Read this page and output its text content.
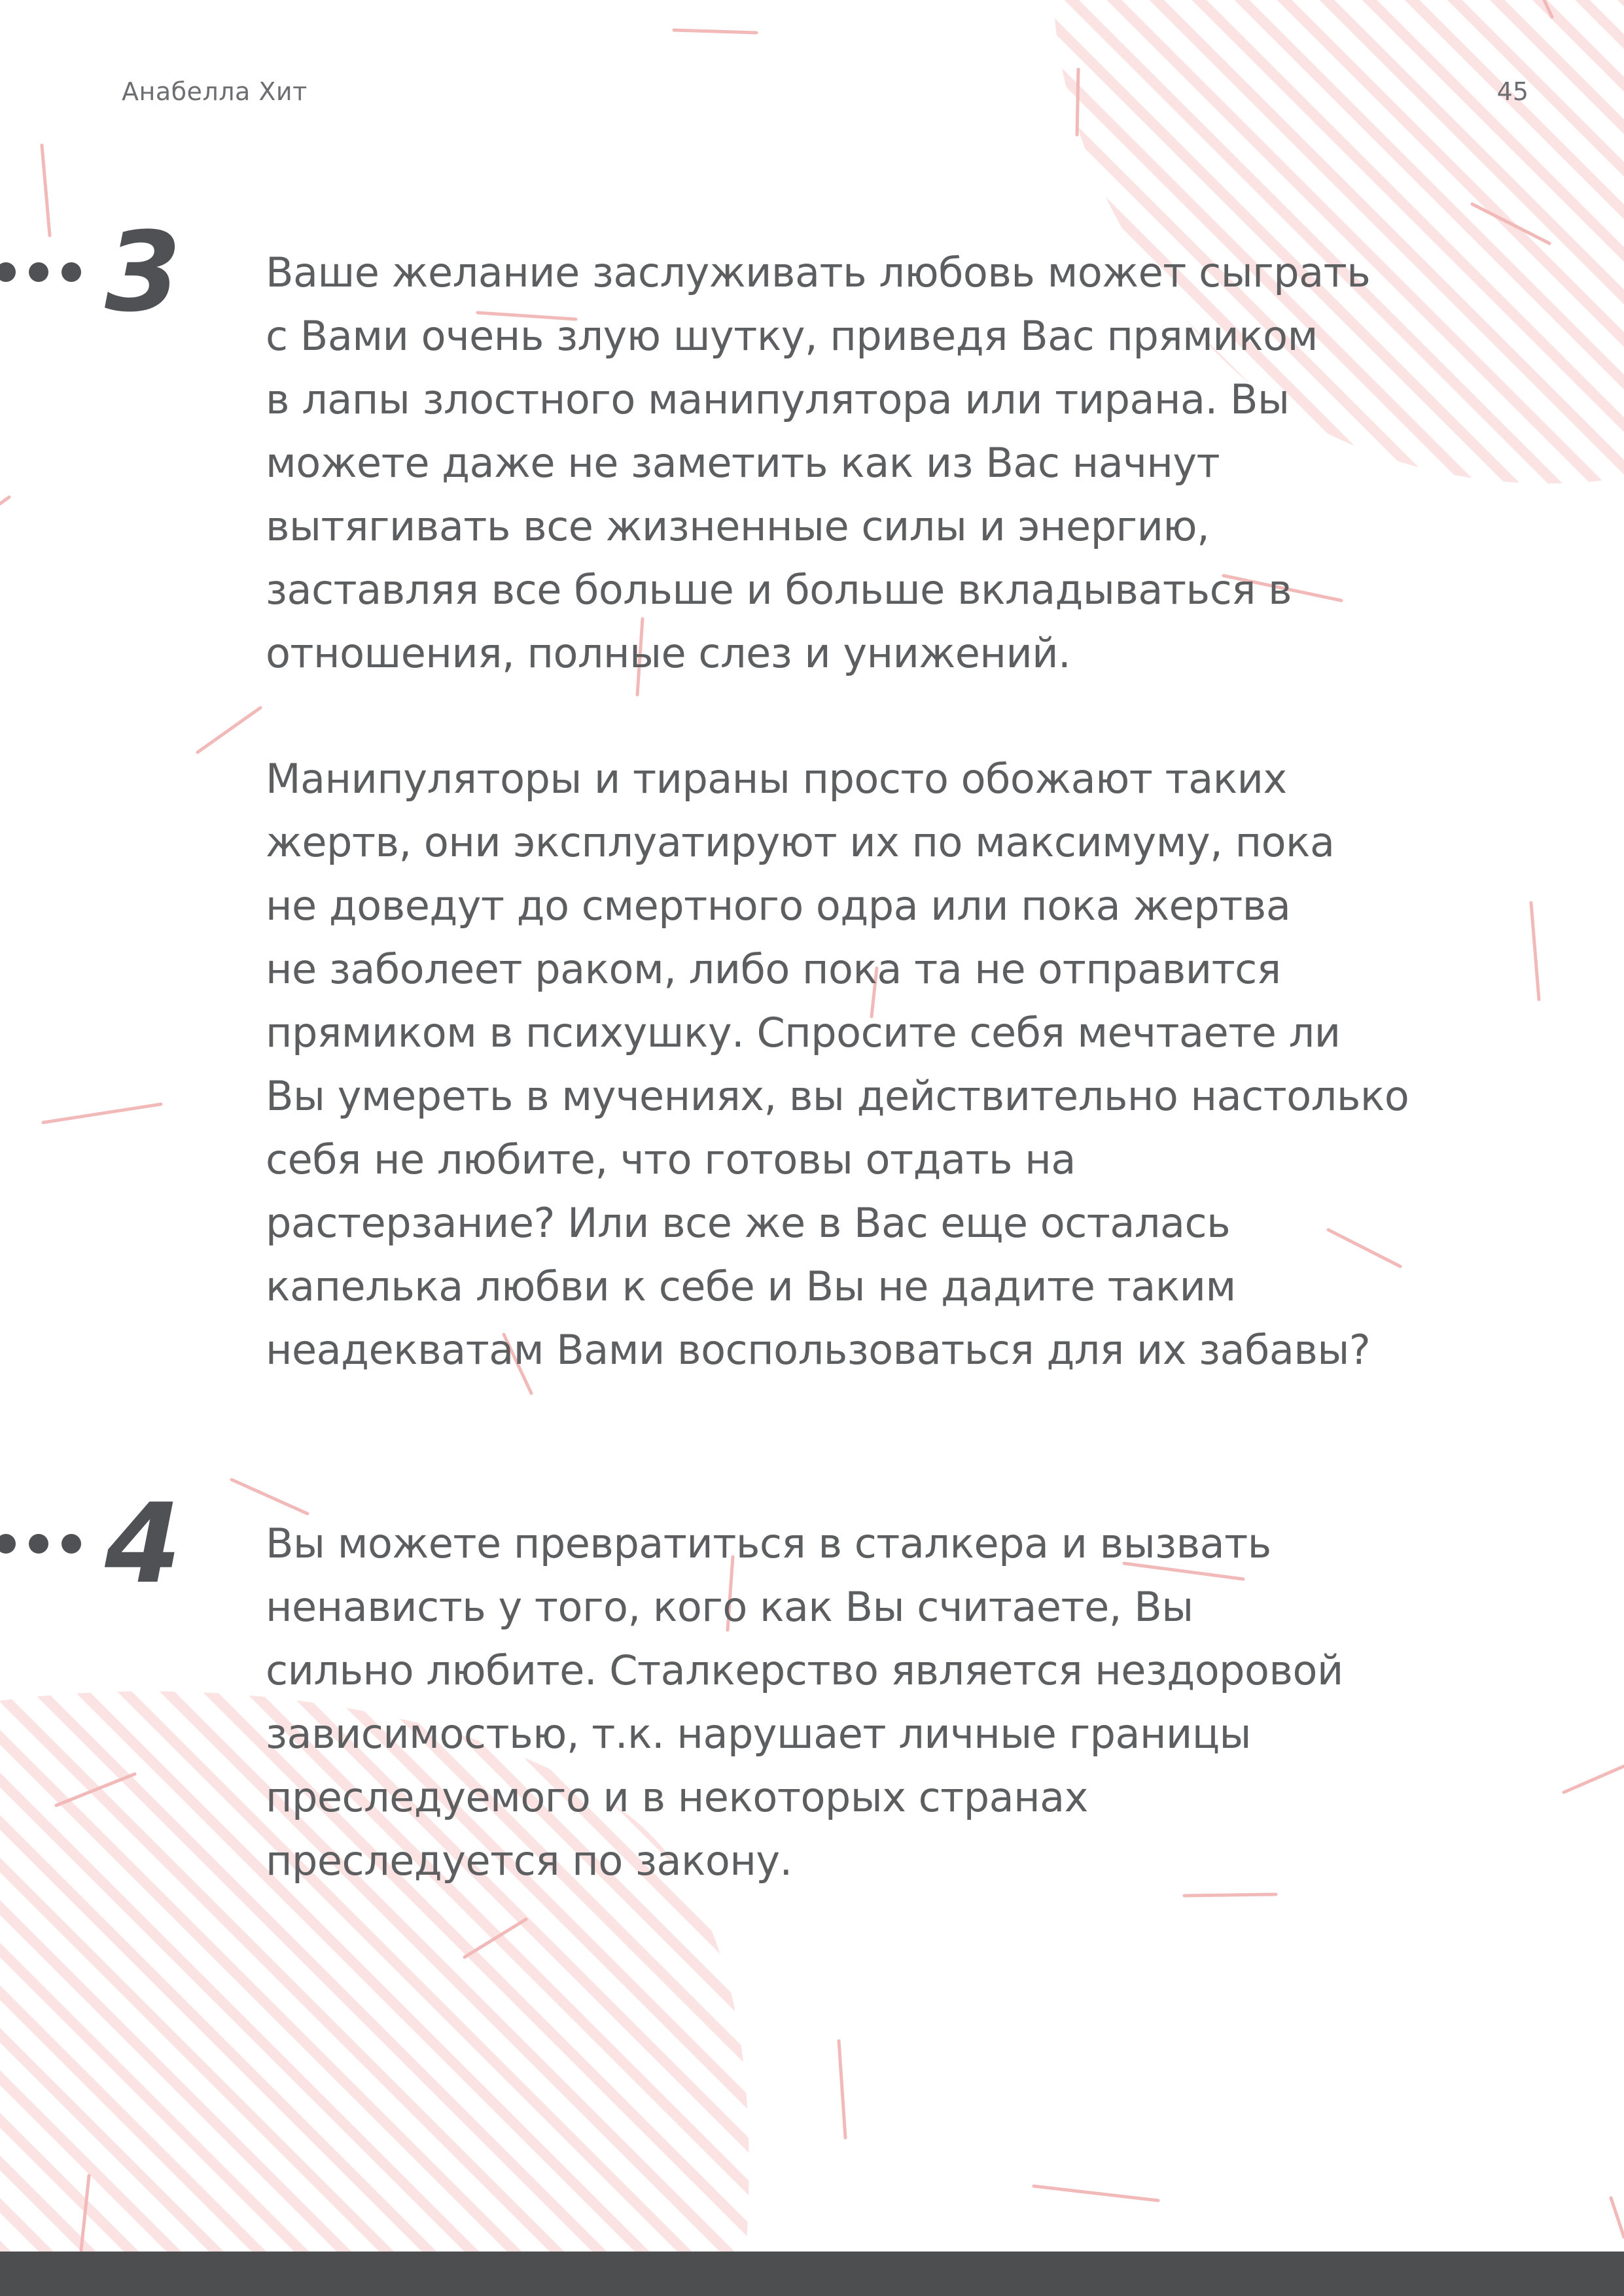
Анабелла Хит	45
3 Ваше желание заслуживать любовь может сыграть
с Вами очень злую шутку, приведя Вас прямиком
в лапы злостного манипулятора или тирана. Вы
можете даже не заметить как из Вас начнут
вытягивать все жизненные силы и энергию,
заставляя все больше и больше вкладываться в
отношения, полные слез и унижений.
Манипуляторы и тираны просто обожают таких
жертв, они эксплуатируют их по максимуму, пока
не доведут до смертного одра или пока жертва
не заболеет раком, либо пока та не отправится
прямиком в психушку. Спросите себя мечтаете ли
Вы умереть в мучениях, вы действительно настолько
себя не любите, что готовы отдать на
растерзание? Или все же в Вас еще осталась
капелька любви к себе и Вы не дадите таким
неадекватам Вами воспользоваться для их забавы?
4 Вы можете превратиться в сталкера и вызвать
ненависть у того, кого как Вы считаете, Вы
сильно любите. Сталкерство является нездоровой
зависимостью, т.к. нарушает личные границы
преследуемого и в некоторых странах
преследуется по закону.
